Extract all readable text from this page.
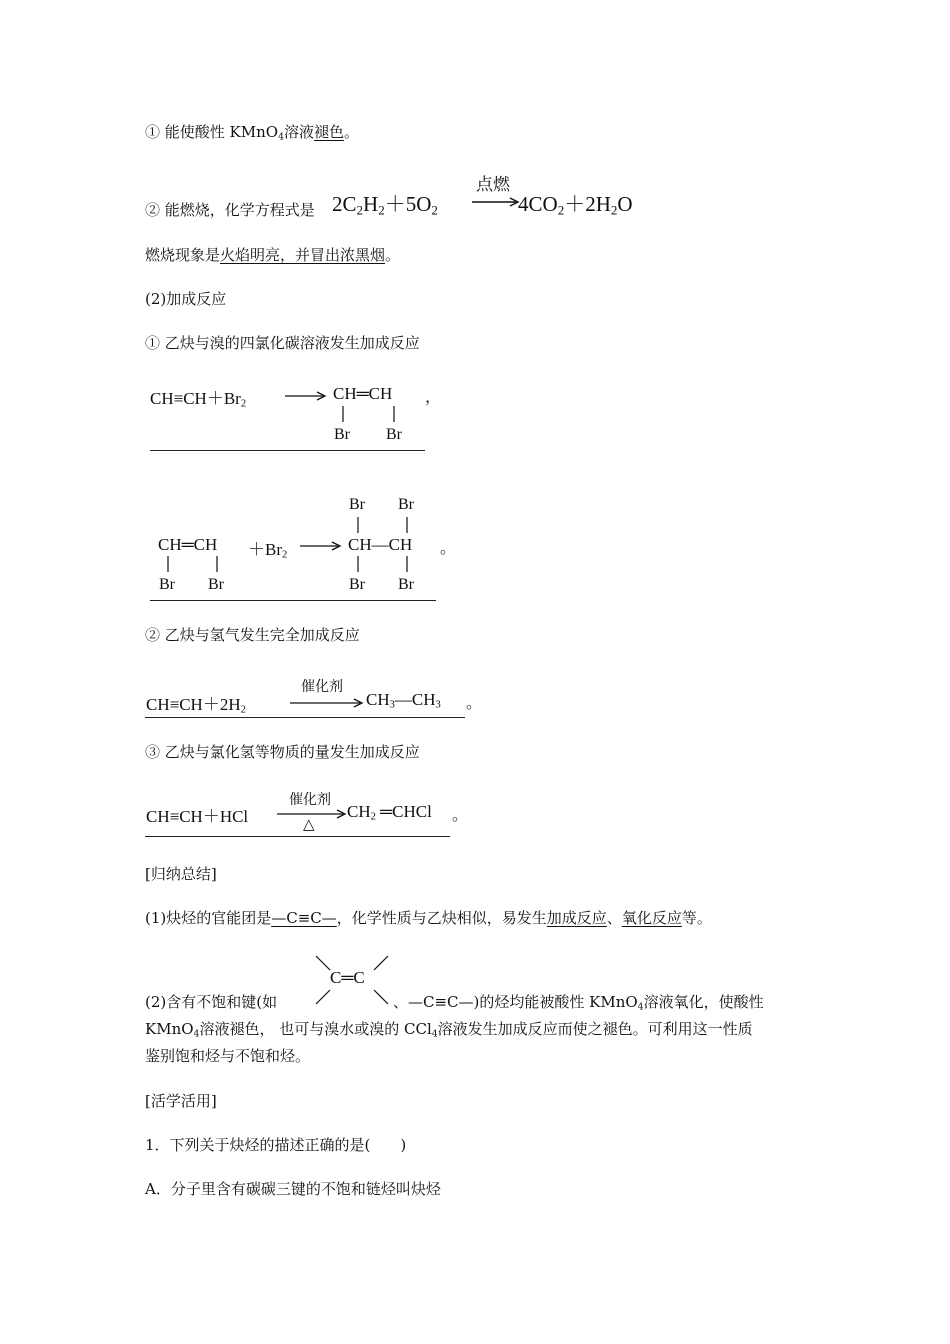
① 能使酸性 KMnO$_4$溶液褪色。
② 能燃烧，化学方程式是 $2C_2H_2+5O_2$
点燃
$4CO_2+2H_2O$
燃烧现象是火焰明亮，并冒出浓黑烟。
(2)加成反应
① 乙炔与溴的四氯化碳溶液发生加成反应
$CH\equiv CH+Br_2$
→ CH═CH
Br Br
，
Br Br
CH═CH $+Br_2$
→ CH—CH 。
Br Br	Br Br
② 乙炔与氢气发生完全加成反应
$CH\equiv CH+2H_2$
催化剂
$CH_3—CH_3$ 。
③ 乙炔与氯化氢等物质的量发生加成反应
CH≡CH＋HCl
催化剂
△
$CH_2$ ═CHCl 。
[归纳总结]
(1)炔烃的官能团是—C≡C—，化学性质与乙炔相似，易发生加成反应、氧化反应等。
C═C
(2)含有不饱和键(如	、—C≡C—)的烃均能被酸性 KMnO$_4$溶液氧化，使酸性
KMnO$_4$溶液褪色， 也可与溴水或溴的 CCl$_4$溶液发生加成反应而使之褪色。可利用这一性质
鉴别饱和烃与不饱和烃。
[活学活用]
1．下列关于炔烃的描述正确的是(　　)
A．分子里含有碳碳三键的不饱和链烃叫炔烃
